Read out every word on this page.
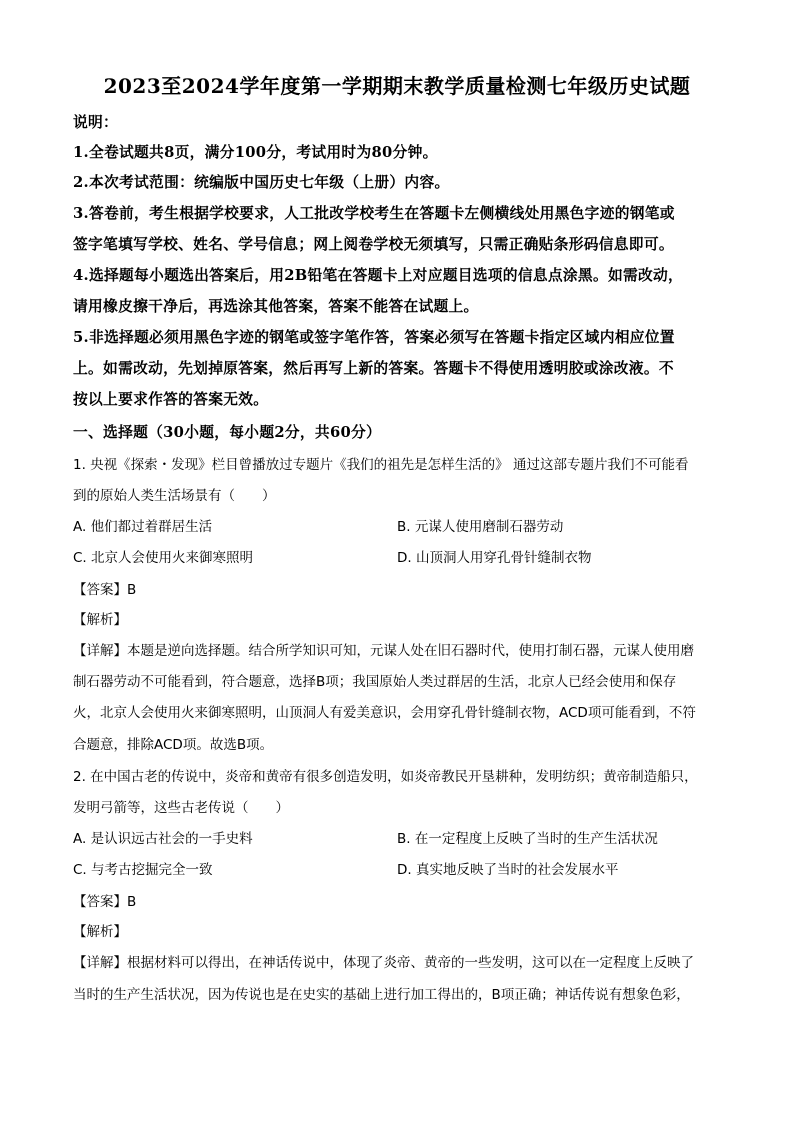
2023至2024学年度第一学期期末教学质量检测七年级历史试题
说明：
1.全卷试题共8页，满分100分，考试用时为80分钟。
2.本次考试范围：统编版中国历史七年级（上册）内容。
3.答卷前，考生根据学校要求，人工批改学校考生在答题卡左侧横线处用黑色字迹的钢笔或
签字笔填写学校、姓名、学号信息；网上阅卷学校无须填写，只需正确贴条形码信息即可。
4.选择题每小题选出答案后，用2B铅笔在答题卡上对应题目选项的信息点涂黑。如需改动，
请用橡皮擦干净后，再选涂其他答案，答案不能答在试题上。
5.非选择题必须用黑色字迹的钢笔或签字笔作答，答案必须写在答题卡指定区域内相应位置
上。如需改动，先划掉原答案，然后再写上新的答案。答题卡不得使用透明胶或涂改液。不
按以上要求作答的答案无效。
一、选择题（30小题，每小题2分，共60分）
1. 央视《探索・发现》栏目曾播放过专题片《我们的祖先是怎样生活的》 通过这部专题片我们不可能看
到的原始人类生活场景有（　　）
A. 他们都过着群居生活	B. 元谋人使用磨制石器劳动
C. 北京人会使用火来御寒照明	D. 山顶洞人用穿孔骨针缝制衣物
【答案】B
【解析】
【详解】本题是逆向选择题。结合所学知识可知，元谋人处在旧石器时代，使用打制石器，元谋人使用磨
制石器劳动不可能看到，符合题意，选择B项；我国原始人类过群居的生活，北京人已经会使用和保存
火，北京人会使用火来御寒照明，山顶洞人有爱美意识，会用穿孔骨针缝制衣物，ACD项可能看到，不符
合题意，排除ACD项。故选B项。
2. 在中国古老的传说中，炎帝和黄帝有很多创造发明，如炎帝教民开垦耕种，发明纺织；黄帝制造船只，
发明弓箭等，这些古老传说（　　）
A. 是认识远古社会的一手史料	B. 在一定程度上反映了当时的生产生活状况
C. 与考古挖掘完全一致	D. 真实地反映了当时的社会发展水平
【答案】B
【解析】
【详解】根据材料可以得出，在神话传说中，体现了炎帝、黄帝的一些发明，这可以在一定程度上反映了
当时的生产生活状况，因为传说也是在史实的基础上进行加工得出的，B项正确；神话传说有想象色彩，
